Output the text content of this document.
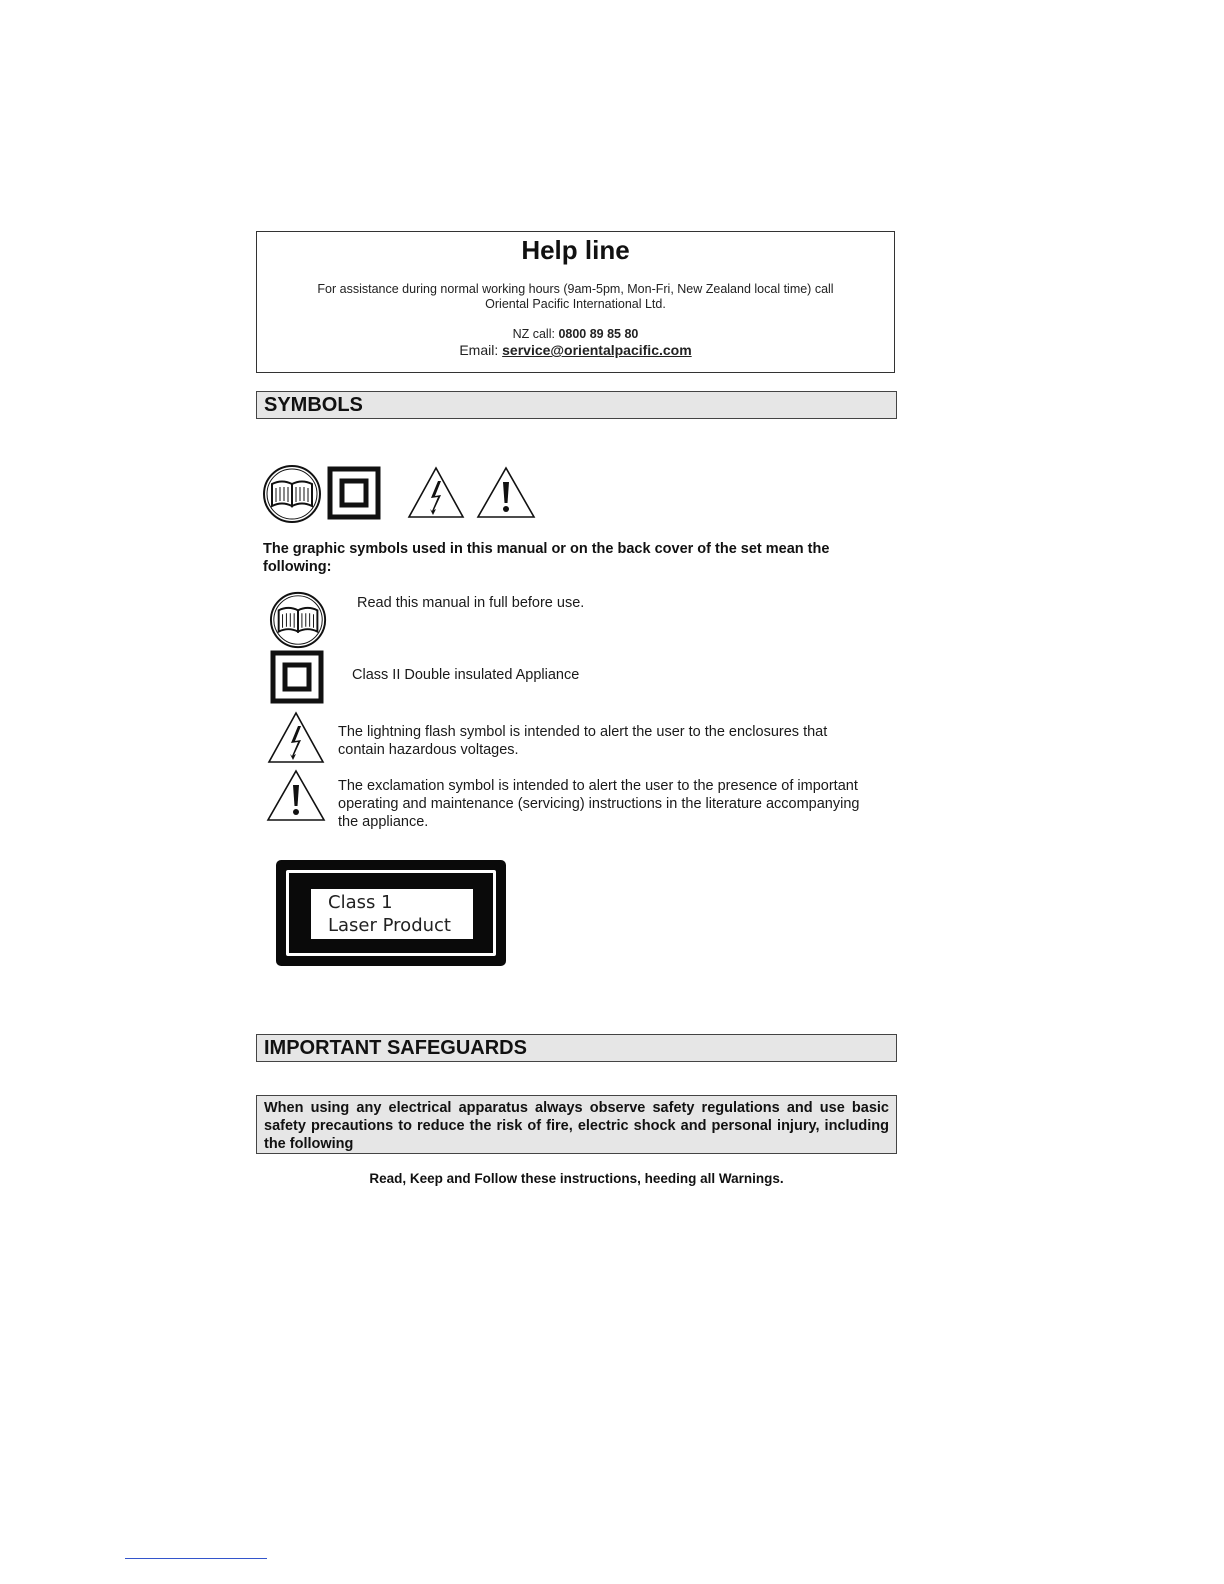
Help line
For assistance during normal working hours (9am-5pm, Mon-Fri, New Zealand local time) call
Oriental Pacific International Ltd.
NZ call: 0800 89 85 80
Email: service@orientalpacific.com
SYMBOLS
The graphic symbols used in this manual or on the back cover of the set mean the following:
Read this manual in full before use.
Class II Double insulated Appliance
The lightning flash symbol is intended to alert the user to the enclosures that contain hazardous voltages.
The exclamation symbol is intended to alert the user to the presence of important operating and maintenance (servicing) instructions in the literature accompanying the appliance.
Class 1
Laser Product
IMPORTANT SAFEGUARDS
When using any electrical apparatus always observe safety regulations and use basic safety precautions to reduce the risk of fire, electric shock and personal injury, including the following
Read, Keep and Follow these instructions, heeding all Warnings.
